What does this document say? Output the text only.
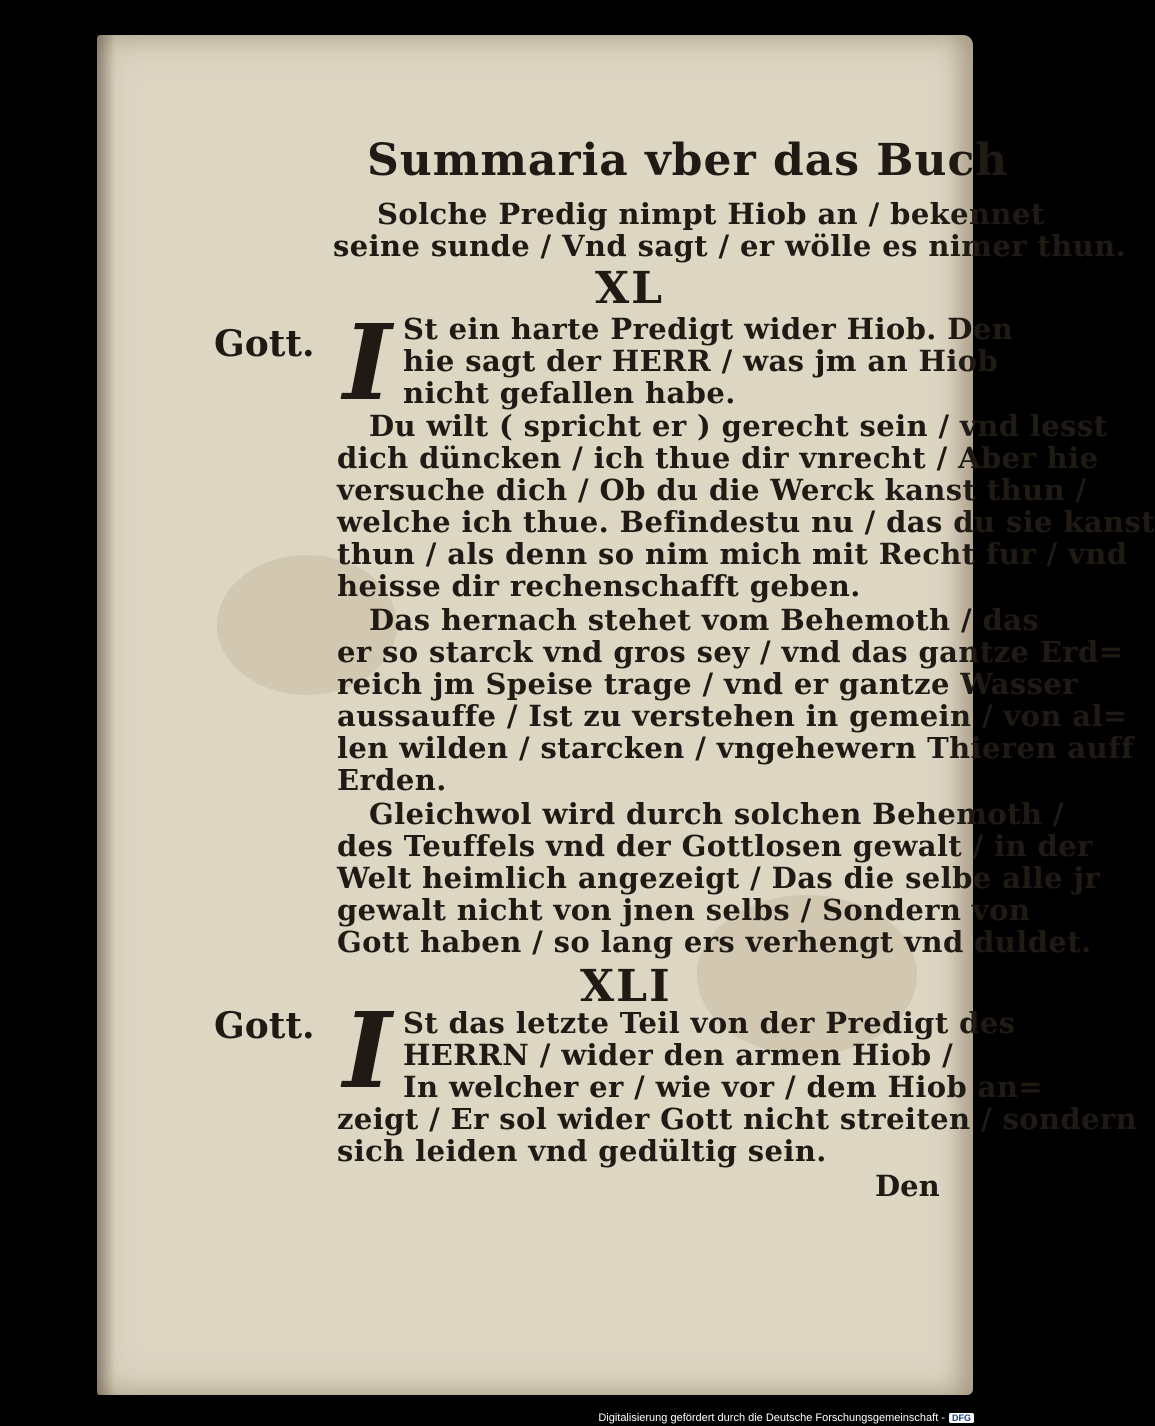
Summaria vber das Buch
Solche Predig nimpt Hiob an / bekennet
seine sunde / Vnd sagt / er wölle es nimer thun.
XL
Gott. I St ein harte Predigt wider Hiob. Den
hie sagt der HERR / was jm an Hiob
nicht gefallen habe.
Du wilt ( spricht er ) gerecht sein / vnd lesst
dich düncken / ich thue dir vnrecht / Aber hie
versuche dich / Ob du die Werck kanst thun /
welche ich thue. Befindestu nu / das du sie kanst
thun / als denn so nim mich mit Recht fur / vnd
heisse dir rechenschafft geben.
Das hernach stehet vom Behemoth / das
er so starck vnd gros sey / vnd das gantze Erd=
reich jm Speise trage / vnd er gantze Wasser
aussauffe / Ist zu verstehen in gemein / von al=
len wilden / starcken / vngehewern Thieren auff
Erden.
Gleichwol wird durch solchen Behemoth /
des Teuffels vnd der Gottlosen gewalt / in der
Welt heimlich angezeigt / Das die selbe alle jr
gewalt nicht von jnen selbs / Sondern von
Gott haben / so lang ers verhengt vnd duldet.
XLI
Gott. I St das letzte Teil von der Predigt des
HERRN / wider den armen Hiob /
In welcher er / wie vor / dem Hiob an=
zeigt / Er sol wider Gott nicht streiten / sondern
sich leiden vnd gedültig sein.
Den
Digitalisierung gefördert durch die Deutsche Forschungsgemeinschaft - DFG
